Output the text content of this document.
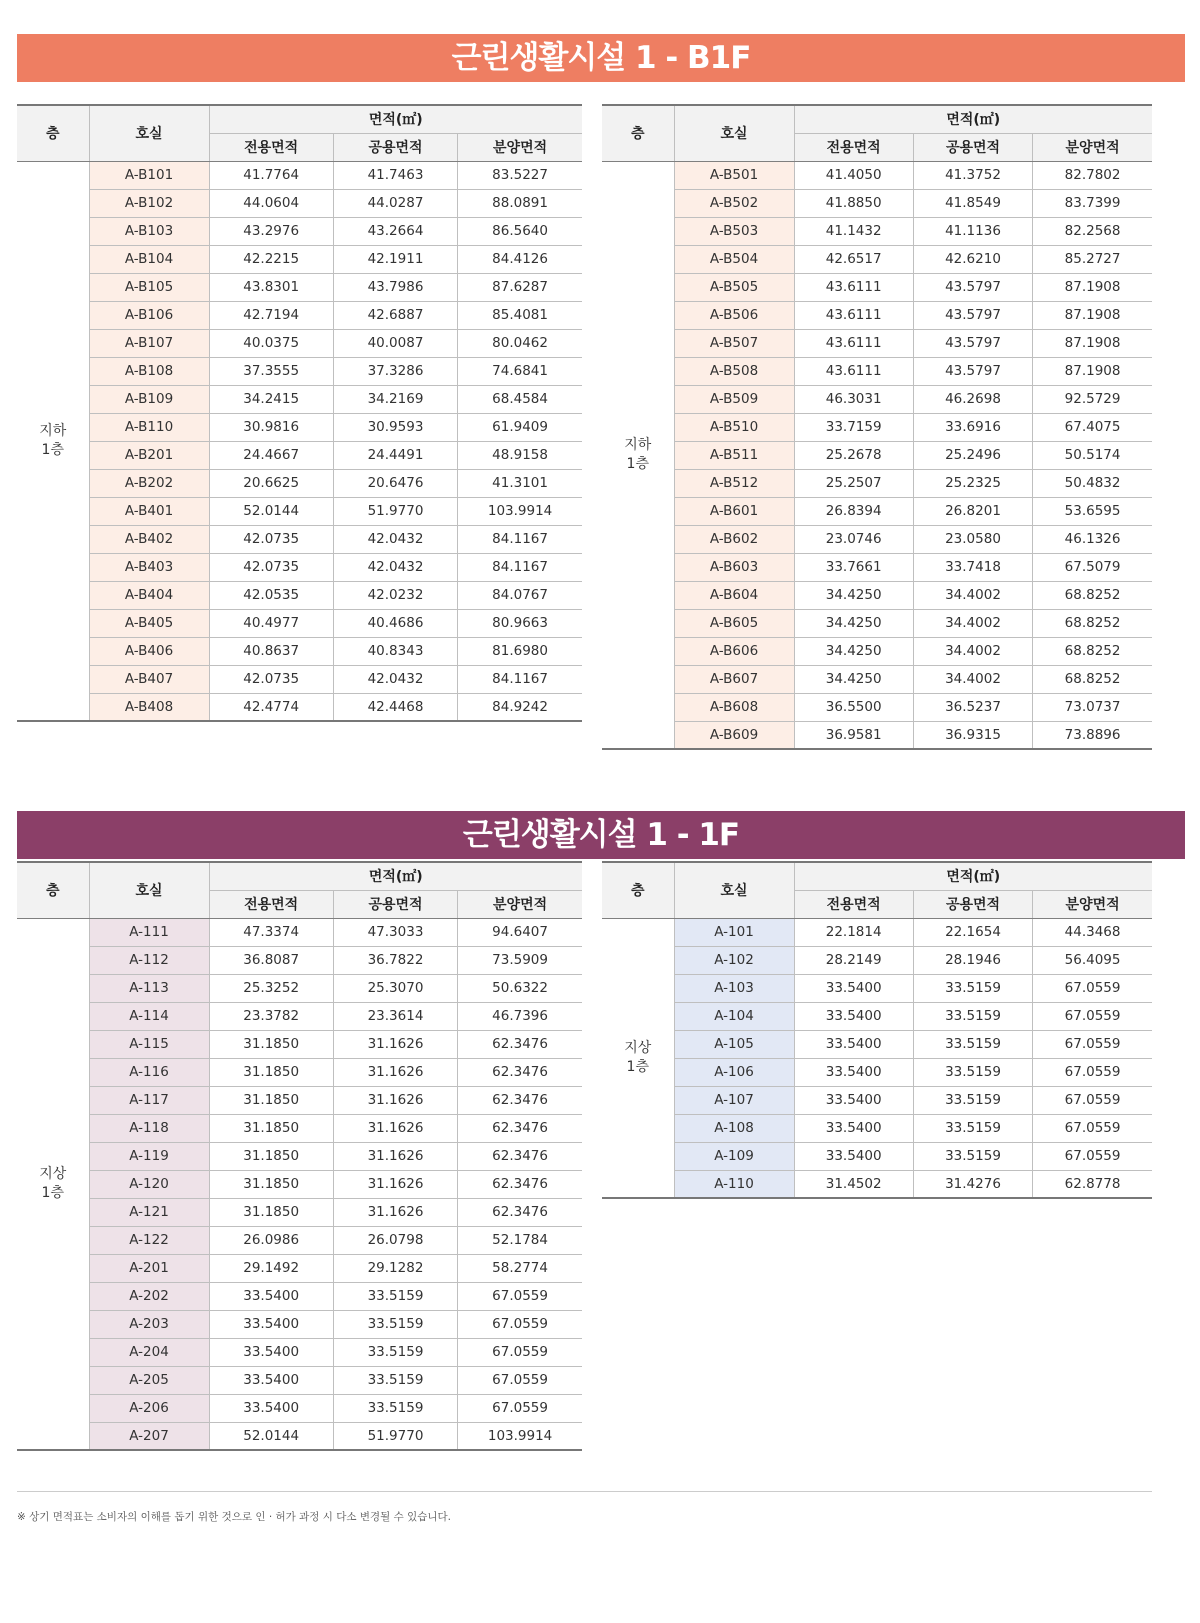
근린생활시설 1 - B1F
층	호실	면적(㎡)		
		전용면적	공용면적	분양면적

지하
1층	A-B101	41.7764	41.7463	83.5227
	A-B102	44.0604	44.0287	88.0891
	A-B103	43.2976	43.2664	86.5640
	A-B104	42.2215	42.1911	84.4126
	A-B105	43.8301	43.7986	87.6287
	A-B106	42.7194	42.6887	85.4081
	A-B107	40.0375	40.0087	80.0462
	A-B108	37.3555	37.3286	74.6841
	A-B109	34.2415	34.2169	68.4584
	A-B110	30.9816	30.9593	61.9409
	A-B201	24.4667	24.4491	48.9158
	A-B202	20.6625	20.6476	41.3101
	A-B401	52.0144	51.9770	103.9914
	A-B402	42.0735	42.0432	84.1167
	A-B403	42.0735	42.0432	84.1167
	A-B404	42.0535	42.0232	84.0767
	A-B405	40.4977	40.4686	80.9663
	A-B406	40.8637	40.8343	81.6980
	A-B407	42.0735	42.0432	84.1167
	A-B408	42.4774	42.4468	84.9242
층	호실	면적(㎡)		
		전용면적	공용면적	분양면적

지하
1층	A-B501	41.4050	41.3752	82.7802
	A-B502	41.8850	41.8549	83.7399
	A-B503	41.1432	41.1136	82.2568
	A-B504	42.6517	42.6210	85.2727
	A-B505	43.6111	43.5797	87.1908
	A-B506	43.6111	43.5797	87.1908
	A-B507	43.6111	43.5797	87.1908
	A-B508	43.6111	43.5797	87.1908
	A-B509	46.3031	46.2698	92.5729
	A-B510	33.7159	33.6916	67.4075
	A-B511	25.2678	25.2496	50.5174
	A-B512	25.2507	25.2325	50.4832
	A-B601	26.8394	26.8201	53.6595
	A-B602	23.0746	23.0580	46.1326
	A-B603	33.7661	33.7418	67.5079
	A-B604	34.4250	34.4002	68.8252
	A-B605	34.4250	34.4002	68.8252
	A-B606	34.4250	34.4002	68.8252
	A-B607	34.4250	34.4002	68.8252
	A-B608	36.5500	36.5237	73.0737
	A-B609	36.9581	36.9315	73.8896
근린생활시설 1 - 1F
층	호실	면적(㎡)		
		전용면적	공용면적	분양면적

지상
1층	A-111	47.3374	47.3033	94.6407
	A-112	36.8087	36.7822	73.5909
	A-113	25.3252	25.3070	50.6322
	A-114	23.3782	23.3614	46.7396
	A-115	31.1850	31.1626	62.3476
	A-116	31.1850	31.1626	62.3476
	A-117	31.1850	31.1626	62.3476
	A-118	31.1850	31.1626	62.3476
	A-119	31.1850	31.1626	62.3476
	A-120	31.1850	31.1626	62.3476
	A-121	31.1850	31.1626	62.3476
	A-122	26.0986	26.0798	52.1784
	A-201	29.1492	29.1282	58.2774
	A-202	33.5400	33.5159	67.0559
	A-203	33.5400	33.5159	67.0559
	A-204	33.5400	33.5159	67.0559
	A-205	33.5400	33.5159	67.0559
	A-206	33.5400	33.5159	67.0559
	A-207	52.0144	51.9770	103.9914
층	호실	면적(㎡)		
		전용면적	공용면적	분양면적

지상
1층	A-101	22.1814	22.1654	44.3468
	A-102	28.2149	28.1946	56.4095
	A-103	33.5400	33.5159	67.0559
	A-104	33.5400	33.5159	67.0559
	A-105	33.5400	33.5159	67.0559
	A-106	33.5400	33.5159	67.0559
	A-107	33.5400	33.5159	67.0559
	A-108	33.5400	33.5159	67.0559
	A-109	33.5400	33.5159	67.0559
	A-110	31.4502	31.4276	62.8778
※ 상기 면적표는 소비자의 이해를 돕기 위한 것으로 인 · 허가 과정 시 다소 변경될 수 있습니다.
